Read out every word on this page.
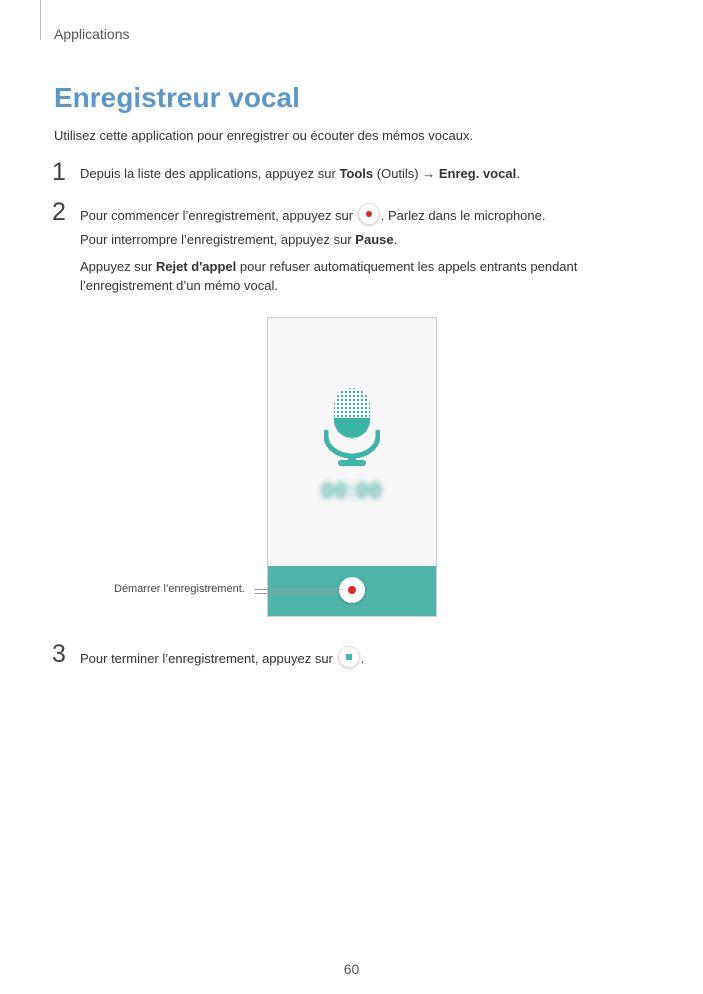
Applications
Enregistreur vocal
Utilisez cette application pour enregistrer ou écouter des mémos vocaux.
1 Depuis la liste des applications, appuyez sur Tools (Outils) → Enreg. vocal.
2 Pour commencer l’enregistrement, appuyez sur
. Parlez dans le microphone.
Pour interrompre l’enregistrement, appuyez sur Pause.
Appuyez sur Rejet d'appel pour refuser automatiquement les appels entrants pendant l’enregistrement d’un mémo vocal.
00:00
Démarrer l’enregistrement.
3 Pour terminer l’enregistrement, appuyez sur
.
60
